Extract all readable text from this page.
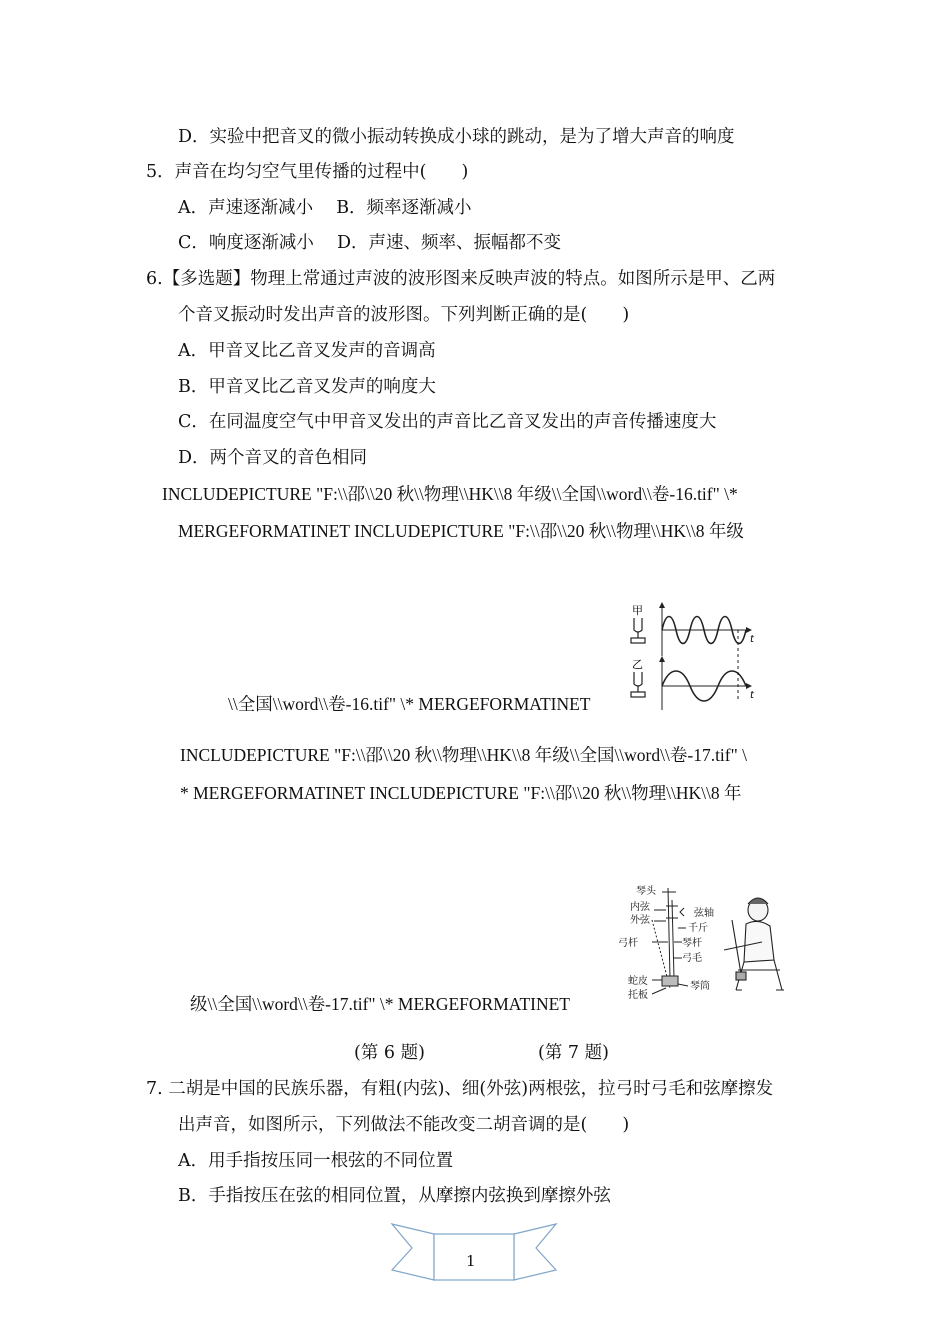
D．实验中把音叉的微小振动转换成小球的跳动，是为了增大声音的响度
5．声音在均匀空气里传播的过程中(　　)
A．声速逐渐减小　 B．频率逐渐减小
C．响度逐渐减小　 D．声速、频率、振幅都不变
6.【多选题】物理上常通过声波的波形图来反映声波的特点。如图所示是甲、乙两
个音叉振动时发出声音的波形图。下列判断正确的是(　　)
A．甲音叉比乙音叉发声的音调高
B．甲音叉比乙音叉发声的响度大
C．在同温度空气中甲音叉发出的声音比乙音叉发出的声音传播速度大
D．两个音叉的音色相同
INCLUDEPICTURE "F:\\邵\\20 秋\\物理\\HK\\8 年级\\全国\\word\\卷-16.tif" \*
MERGEFORMATINET INCLUDEPICTURE "F:\\邵\\20 秋\\物理\\HK\\8 年级
\\全国\\word\\卷-16.tif" \* MERGEFORMATINET
甲
t
乙
t
INCLUDEPICTURE "F:\\邵\\20 秋\\物理\\HK\\8 年级\\全国\\word\\卷-17.tif" \
* MERGEFORMATINET INCLUDEPICTURE "F:\\邵\\20 秋\\物理\\HK\\8 年
级\\全国\\word\\卷-17.tif" \* MERGEFORMATINET
琴头
内弦
外弦
弦轴
千斤
弓杆	琴杆
弓毛
蛇皮
托板
琴筒
(第 6 题)	(第 7 题)
7. 二胡是中国的民族乐器，有粗(内弦)、细(外弦)两根弦，拉弓时弓毛和弦摩擦发
出声音，如图所示，下列做法不能改变二胡音调的是(　　)
A．用手指按压同一根弦的不同位置
B．手指按压在弦的相同位置，从摩擦内弦换到摩擦外弦
1
